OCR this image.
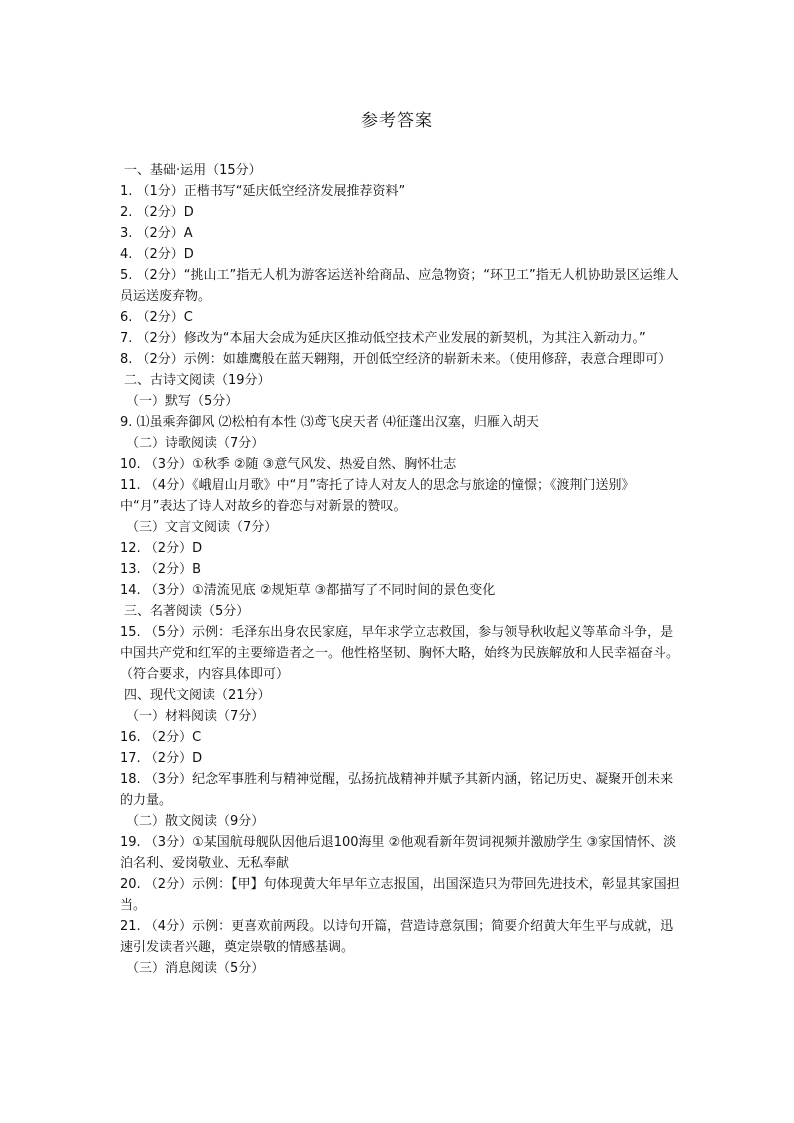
参考答案

一、基础·运用（15分）

1. （1分）正楷书写“延庆低空经济发展推荐资料”

2. （2分）D

3. （2分）A

4. （2分）D

5. （2分）“挑山工”指无人机为游客运送补给商品、应急物资；“环卫工”指无人机协助景区运维人员运送废弃物。

6. （2分）C

7. （2分）修改为“本届大会成为延庆区推动低空技术产业发展的新契机，为其注入新动力。”

8. （2分）示例：如雄鹰般在蓝天翱翔，开创低空经济的崭新未来。（使用修辞，表意合理即可）

二、古诗文阅读（19分）

（一）默写（5分）

9. ⑴虽乘奔御风 ⑵松柏有本性 ⑶鸢飞戾天者 ⑷征蓬出汉塞，归雁入胡天

（二）诗歌阅读（7分）

10. （3分）①秋季 ②随 ③意气风发、热爱自然、胸怀壮志

11. （4分）《峨眉山月歌》中“月”寄托了诗人对友人的思念与旅途的憧憬；《渡荆门送别》中“月”表达了诗人对故乡的眷恋与对新景的赞叹。

（三）文言文阅读（7分）

12. （2分）D

13. （2分）B

14. （3分）①清流见底 ②规矩草 ③都描写了不同时间的景色变化

三、名著阅读（5分）

15. （5分）示例：毛泽东出身农民家庭，早年求学立志救国，参与领导秋收起义等革命斗争，是中国共产党和红军的主要缔造者之一。他性格坚韧、胸怀大略，始终为民族解放和人民幸福奋斗。（符合要求，内容具体即可）

四、现代文阅读（21分）

（一）材料阅读（7分）

16. （2分）C

17. （2分）D

18. （3分）纪念军事胜利与精神觉醒，弘扬抗战精神并赋予其新内涵，铭记历史、凝聚开创未来的力量。

（二）散文阅读（9分）

19. （3分）①某国航母舰队因他后退100海里 ②他观看新年贺词视频并激励学生 ③家国情怀、淡泊名利、爱岗敬业、无私奉献

20. （2分）示例：【甲】句体现黄大年早年立志报国，出国深造只为带回先进技术，彰显其家国担当。

21. （4分）示例：更喜欢前两段。以诗句开篇，营造诗意氛围；简要介绍黄大年生平与成就，迅速引发读者兴趣，奠定崇敬的情感基调。

（三）消息阅读（5分）
